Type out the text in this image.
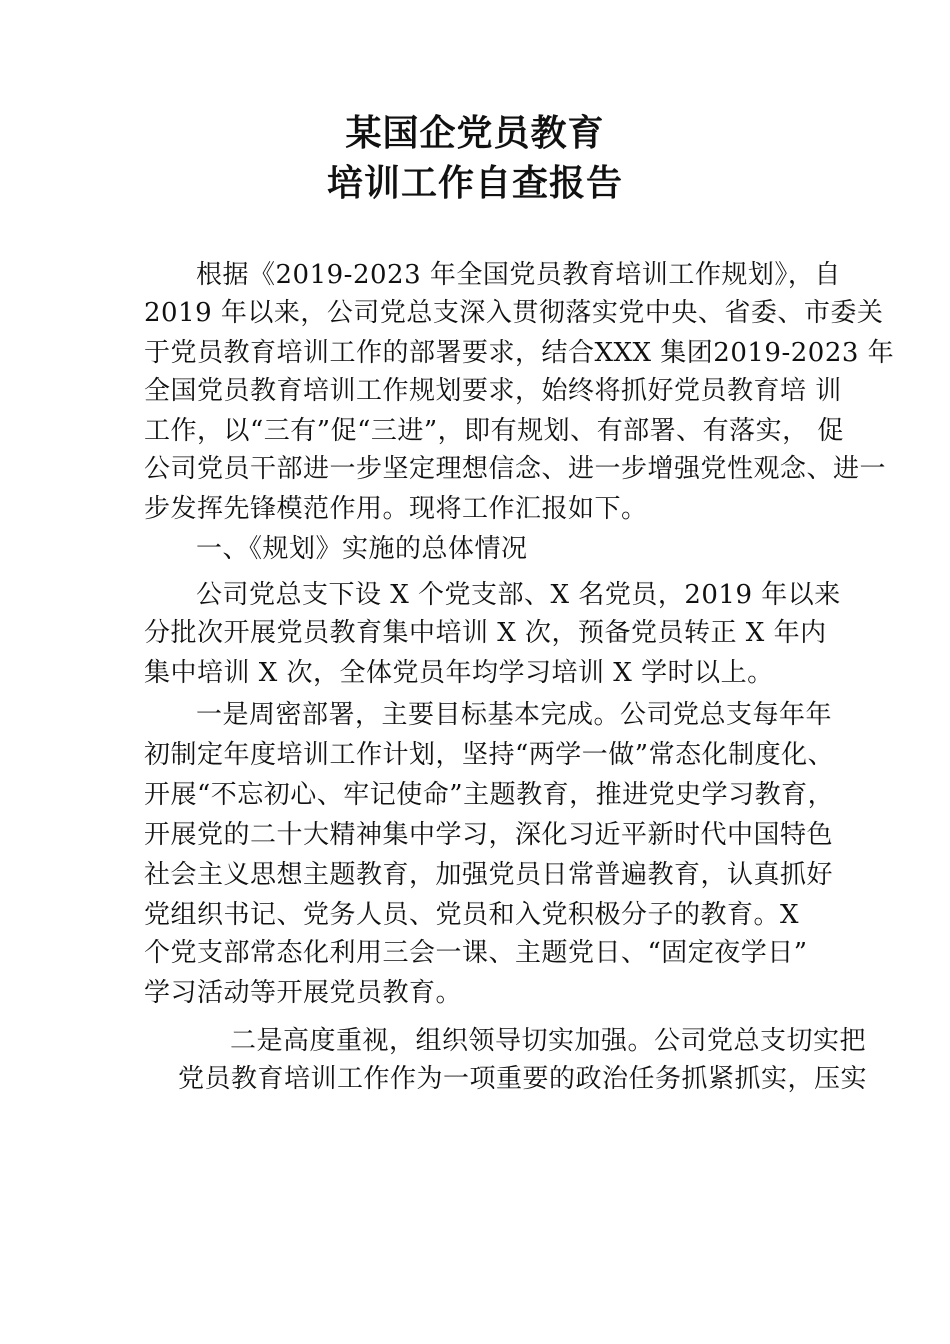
某国企党员教育
培训工作自查报告
根据《2019-2023 年全国党员教育培训工作规划》，自
2019 年以来，公司党总支深入贯彻落实党中央、省委、市委关
于党员教育培训工作的部署要求，结合XXX 集团2019-2023 年
全国党员教育培训工作规划要求，始终将抓好党员教育培 训
工作，以“三有”促“三进”，即有规划、有部署、有落实， 促
公司党员干部进一步坚定理想信念、进一步增强党性观念、进一
步发挥先锋模范作用。现将工作汇报如下。
一、《规划》实施的总体情况
公司党总支下设 X 个党支部、X 名党员，2019 年以来
分批次开展党员教育集中培训 X 次，预备党员转正 X 年内
集中培训 X 次，全体党员年均学习培训 X 学时以上。
一是周密部署，主要目标基本完成。公司党总支每年年
初制定年度培训工作计划，坚持“两学一做”常态化制度化、
开展“不忘初心、牢记使命”主题教育，推进党史学习教育，
开展党的二十大精神集中学习，深化习近平新时代中国特色
社会主义思想主题教育，加强党员日常普遍教育，认真抓好
党组织书记、党务人员、党员和入党积极分子的教育。X
个党支部常态化利用三会一课、主题党日、“固定夜学日”
学习活动等开展党员教育。
二是高度重视，组织领导切实加强。公司党总支切实把
党员教育培训工作作为一项重要的政治任务抓紧抓实，压实
